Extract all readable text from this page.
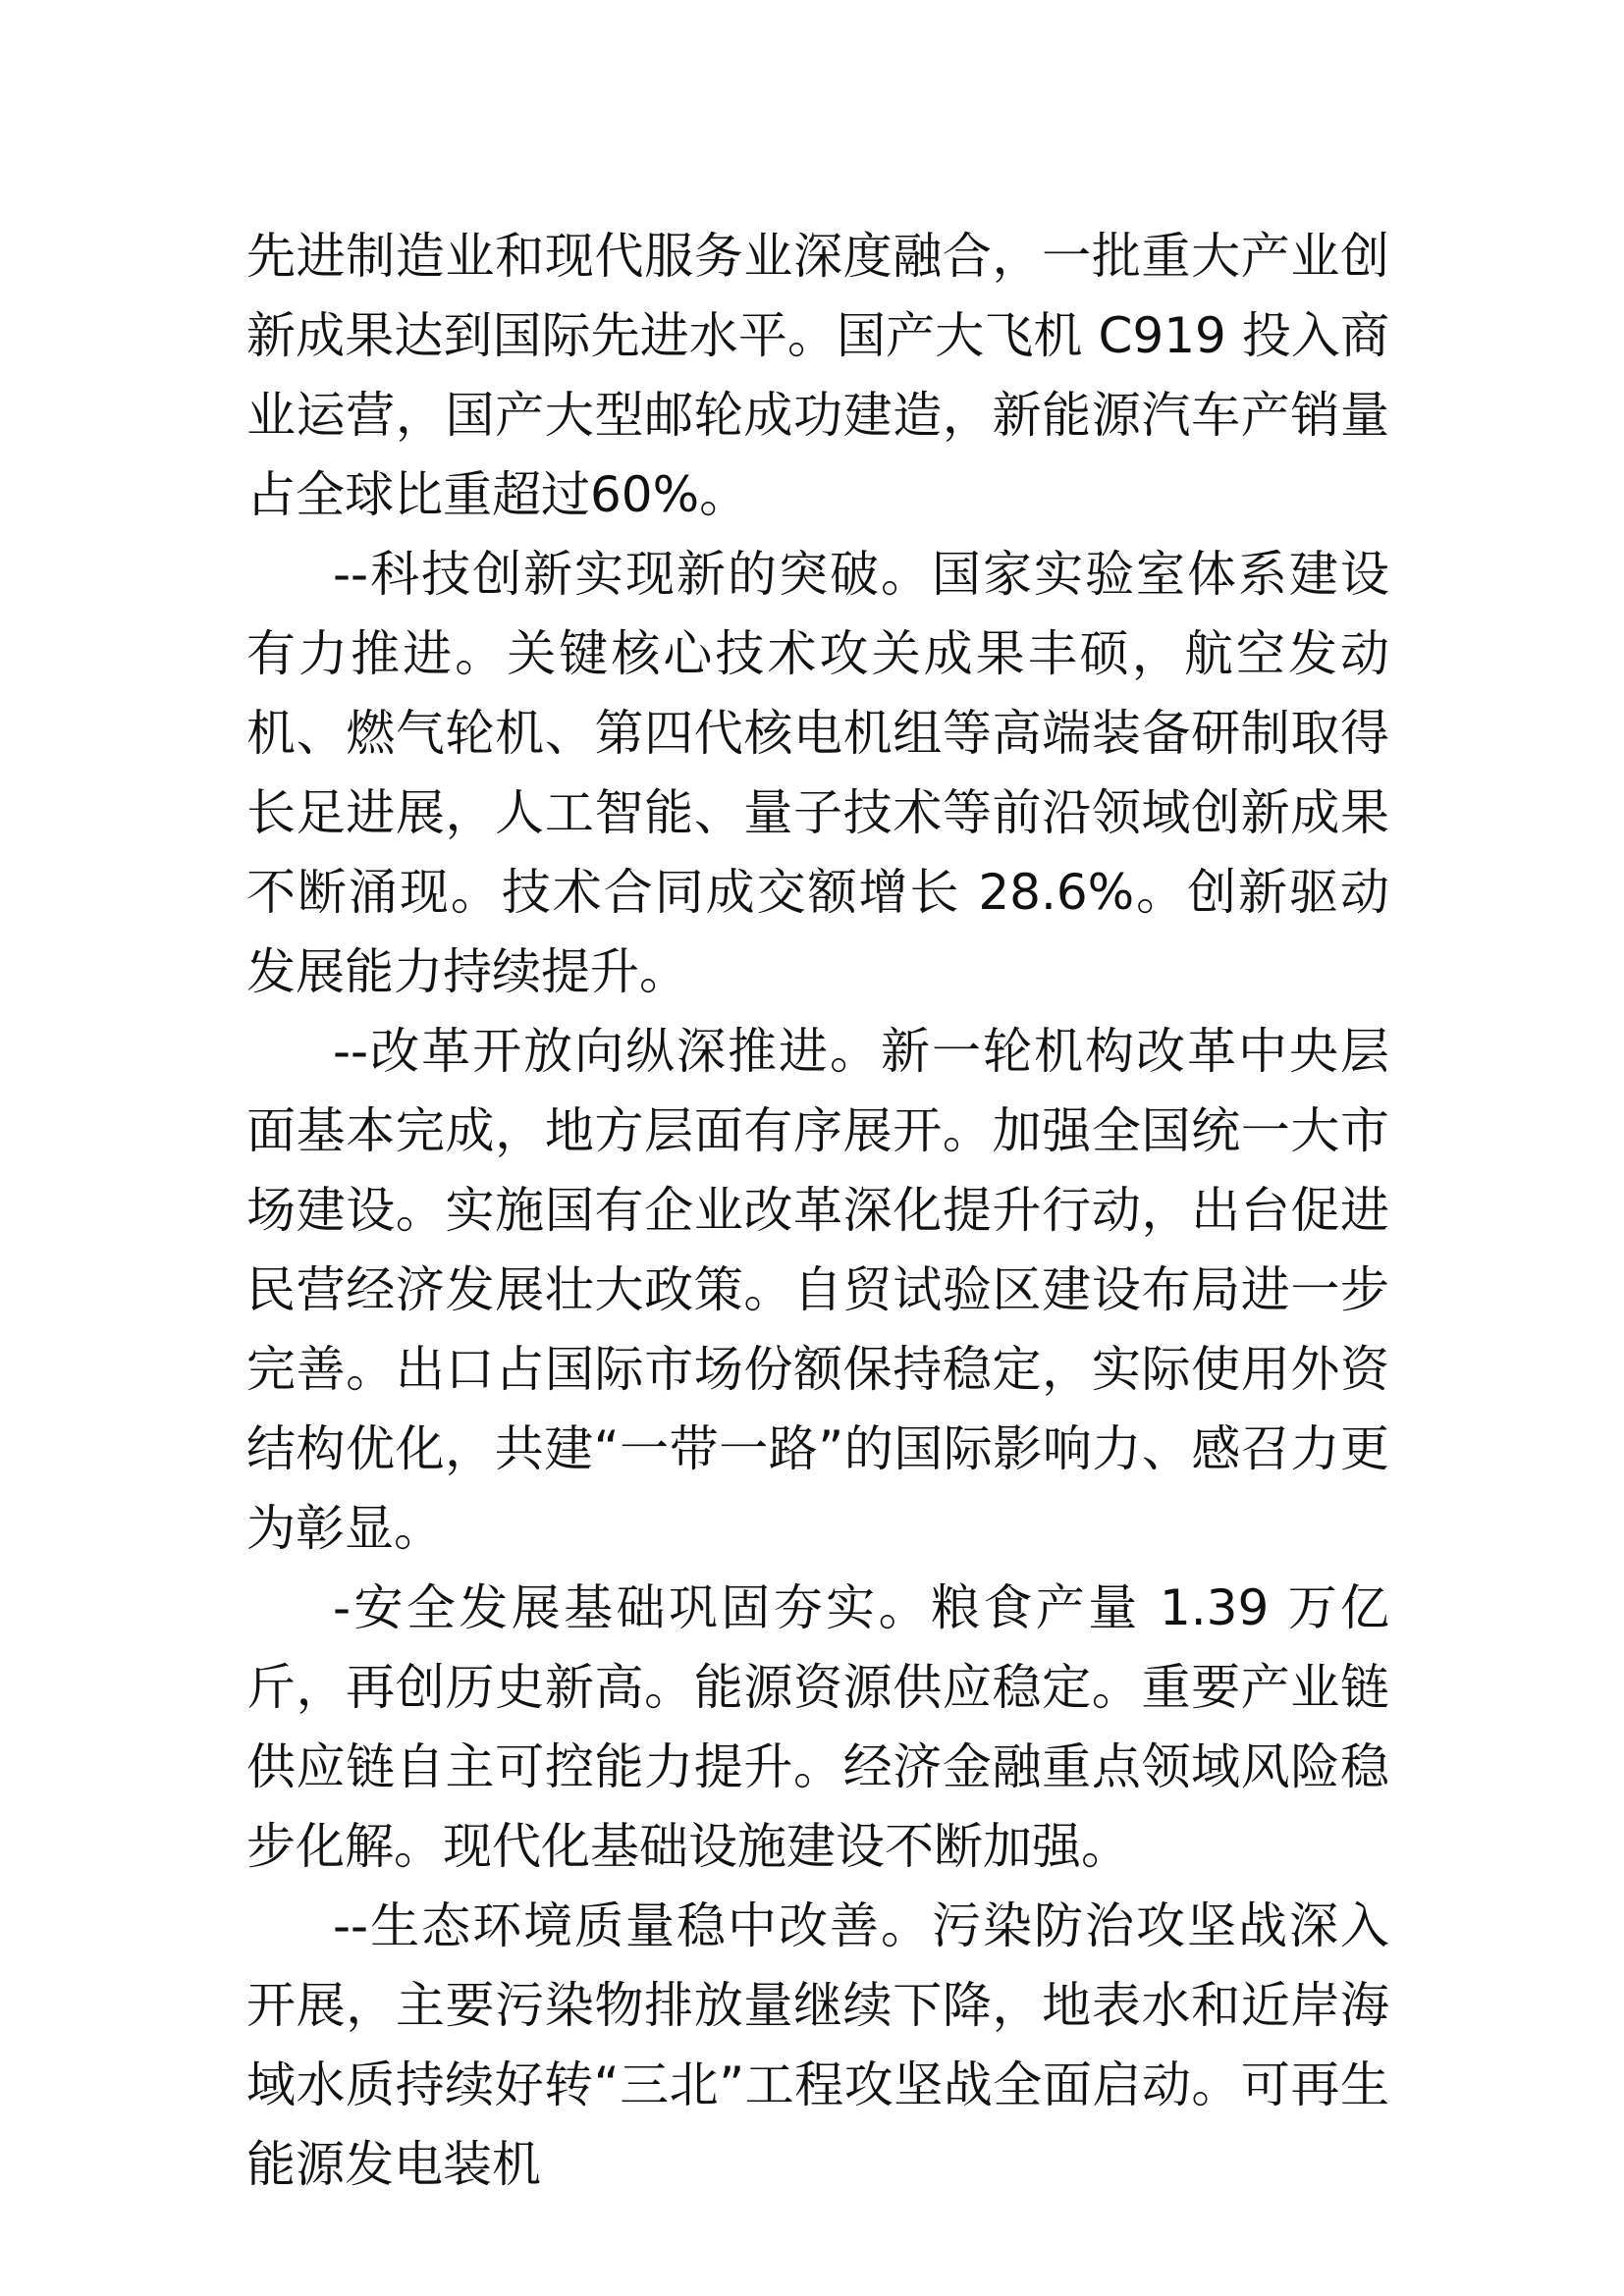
先进制造业和现代服务业深度融合，一批重大产业创新成果达到国际先进水平。国产大飞机 C919 投入商业运营，国产大型邮轮成功建造，新能源汽车产销量占全球比重超过60%。

--科技创新实现新的突破。国家实验室体系建设有力推进。关键核心技术攻关成果丰硕，航空发动机、燃气轮机、第四代核电机组等高端装备研制取得长足进展，人工智能、量子技术等前沿领域创新成果不断涌现。技术合同成交额增长 28.6%。创新驱动发展能力持续提升。

--改革开放向纵深推进。新一轮机构改革中央层面基本完成，地方层面有序展开。加强全国统一大市场建设。实施国有企业改革深化提升行动，出台促进民营经济发展壮大政策。自贸试验区建设布局进一步完善。出口占国际市场份额保持稳定，实际使用外资结构优化，共建“一带一路”的国际影响力、感召力更为彰显。

-安全发展基础巩固夯实。粮食产量 1.39 万亿斤，再创历史新高。能源资源供应稳定。重要产业链供应链自主可控能力提升。经济金融重点领域风险稳步化解。现代化基础设施建设不断加强。

--生态环境质量稳中改善。污染防治攻坚战深入开展，主要污染物排放量继续下降，地表水和近岸海域水质持续好转“三北”工程攻坚战全面启动。可再生能源发电装机
